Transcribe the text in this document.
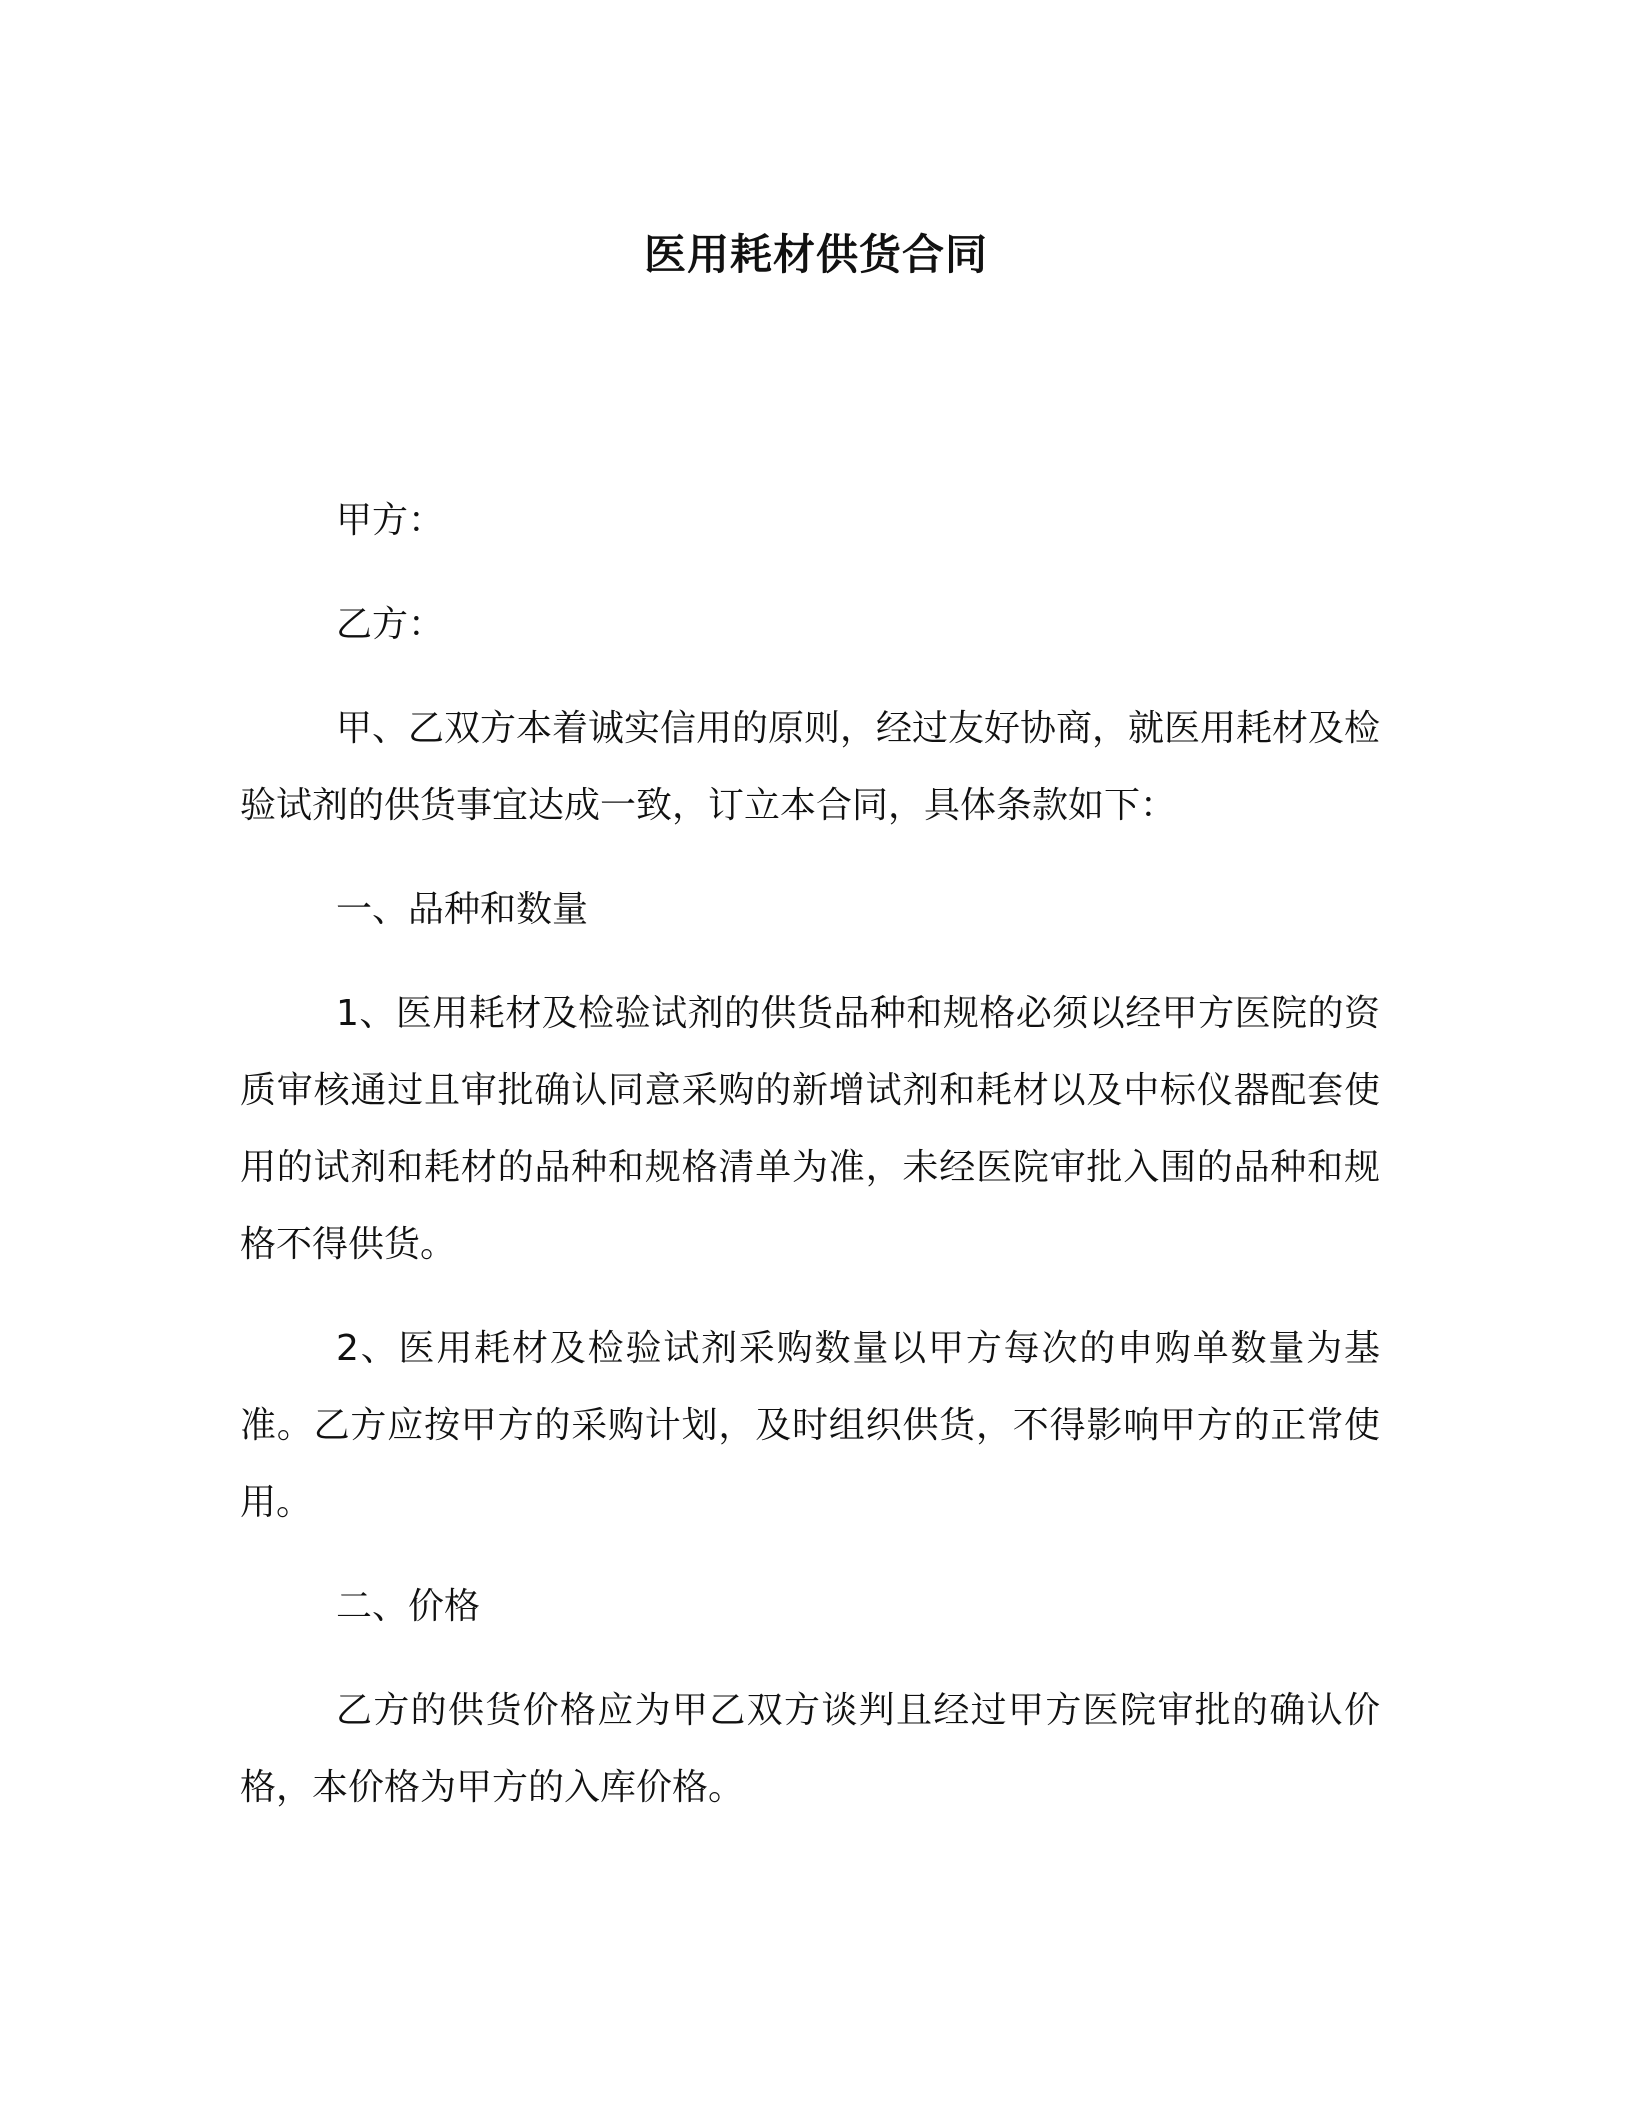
医用耗材供货合同

甲方：

乙方：

甲、乙双方本着诚实信用的原则，经过友好协商，就医用耗材及检验试剂的供货事宜达成一致，订立本合同，具体条款如下：

一、品种和数量

1、医用耗材及检验试剂的供货品种和规格必须以经甲方医院的资质审核通过且审批确认同意采购的新增试剂和耗材以及中标仪器配套使用的试剂和耗材的品种和规格清单为准，未经医院审批入围的品种和规格不得供货。

2、医用耗材及检验试剂采购数量以甲方每次的申购单数量为基准。乙方应按甲方的采购计划，及时组织供货，不得影响甲方的正常使用。

二、价格

乙方的供货价格应为甲乙双方谈判且经过甲方医院审批的确认价格，本价格为甲方的入库价格。
